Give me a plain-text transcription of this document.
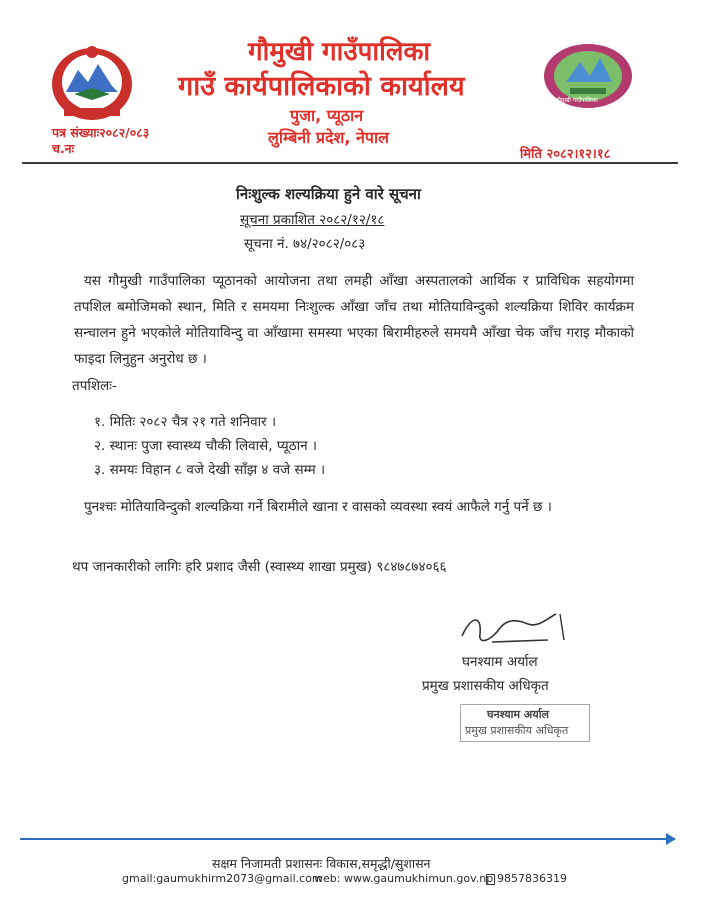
गौमुखी गाउँपालिका
गौमुखी गाउँपालिका
गाउँ कार्यपालिकाको कार्यालय
पुजा, प्यूठान
लुम्बिनी प्रदेश, नेपाल
पत्र संख्याः२०८२/०८३
च.नः	मिति २०८२।१२।१८
निःशुल्क शल्यक्रिया हुने वारे सूचना
सूचना प्रकाशित २०८२/१२/१८
सूचना नं. ७४/२०८२/०८३
यस गौमुखी गाउँपालिका प्यूठानको आयोजना तथा लमही आँखा अस्पतालको आर्थिक र प्राविधिक सहयोगमा तपशिल बमोजिमको स्थान, मिति र समयमा निःशुल्क आँखा जाँच तथा मोतियाविन्दुको शल्यक्रिया शिविर कार्यक्रम सन्चालन हुने भएकोले मोतियाविन्दु वा आँखामा समस्या भएका बिरामीहरुले समयमै आँखा चेक जाँच गराइ मौकाको फाइदा लिनुहुन अनुरोध छ ।
तपशिलः-
१. मितिः २०८२ चैत्र २१ गते शनिवार ।
२. स्थानः पुजा स्वास्थ्य चौकी लिवासे, प्यूठान ।
३. समयः विहान ८ वजे देखी साँझ ४ वजे सम्म ।
पुनश्चः मोतियाविन्दुको शल्यक्रिया गर्ने बिरामीले खाना र वासको व्यवस्था स्वयं आफैले गर्नु पर्ने छ ।
थप जानकारीको लागिः हरि प्रशाद जैसी (स्वास्थ्य शाखा प्रमुख) ९८४७८७४०६६
घनश्याम अर्याल
प्रमुख प्रशासकीय अधिकृत
घनश्याम अर्याल
प्रमुख प्रशासकीय अधिकृत
सक्षम निजामती प्रशासनः विकास,समृद्धी/सुशासन
gmail:gaumukhirm2073@gmail.com
web: www.gaumukhimun.gov.np 9857836319
